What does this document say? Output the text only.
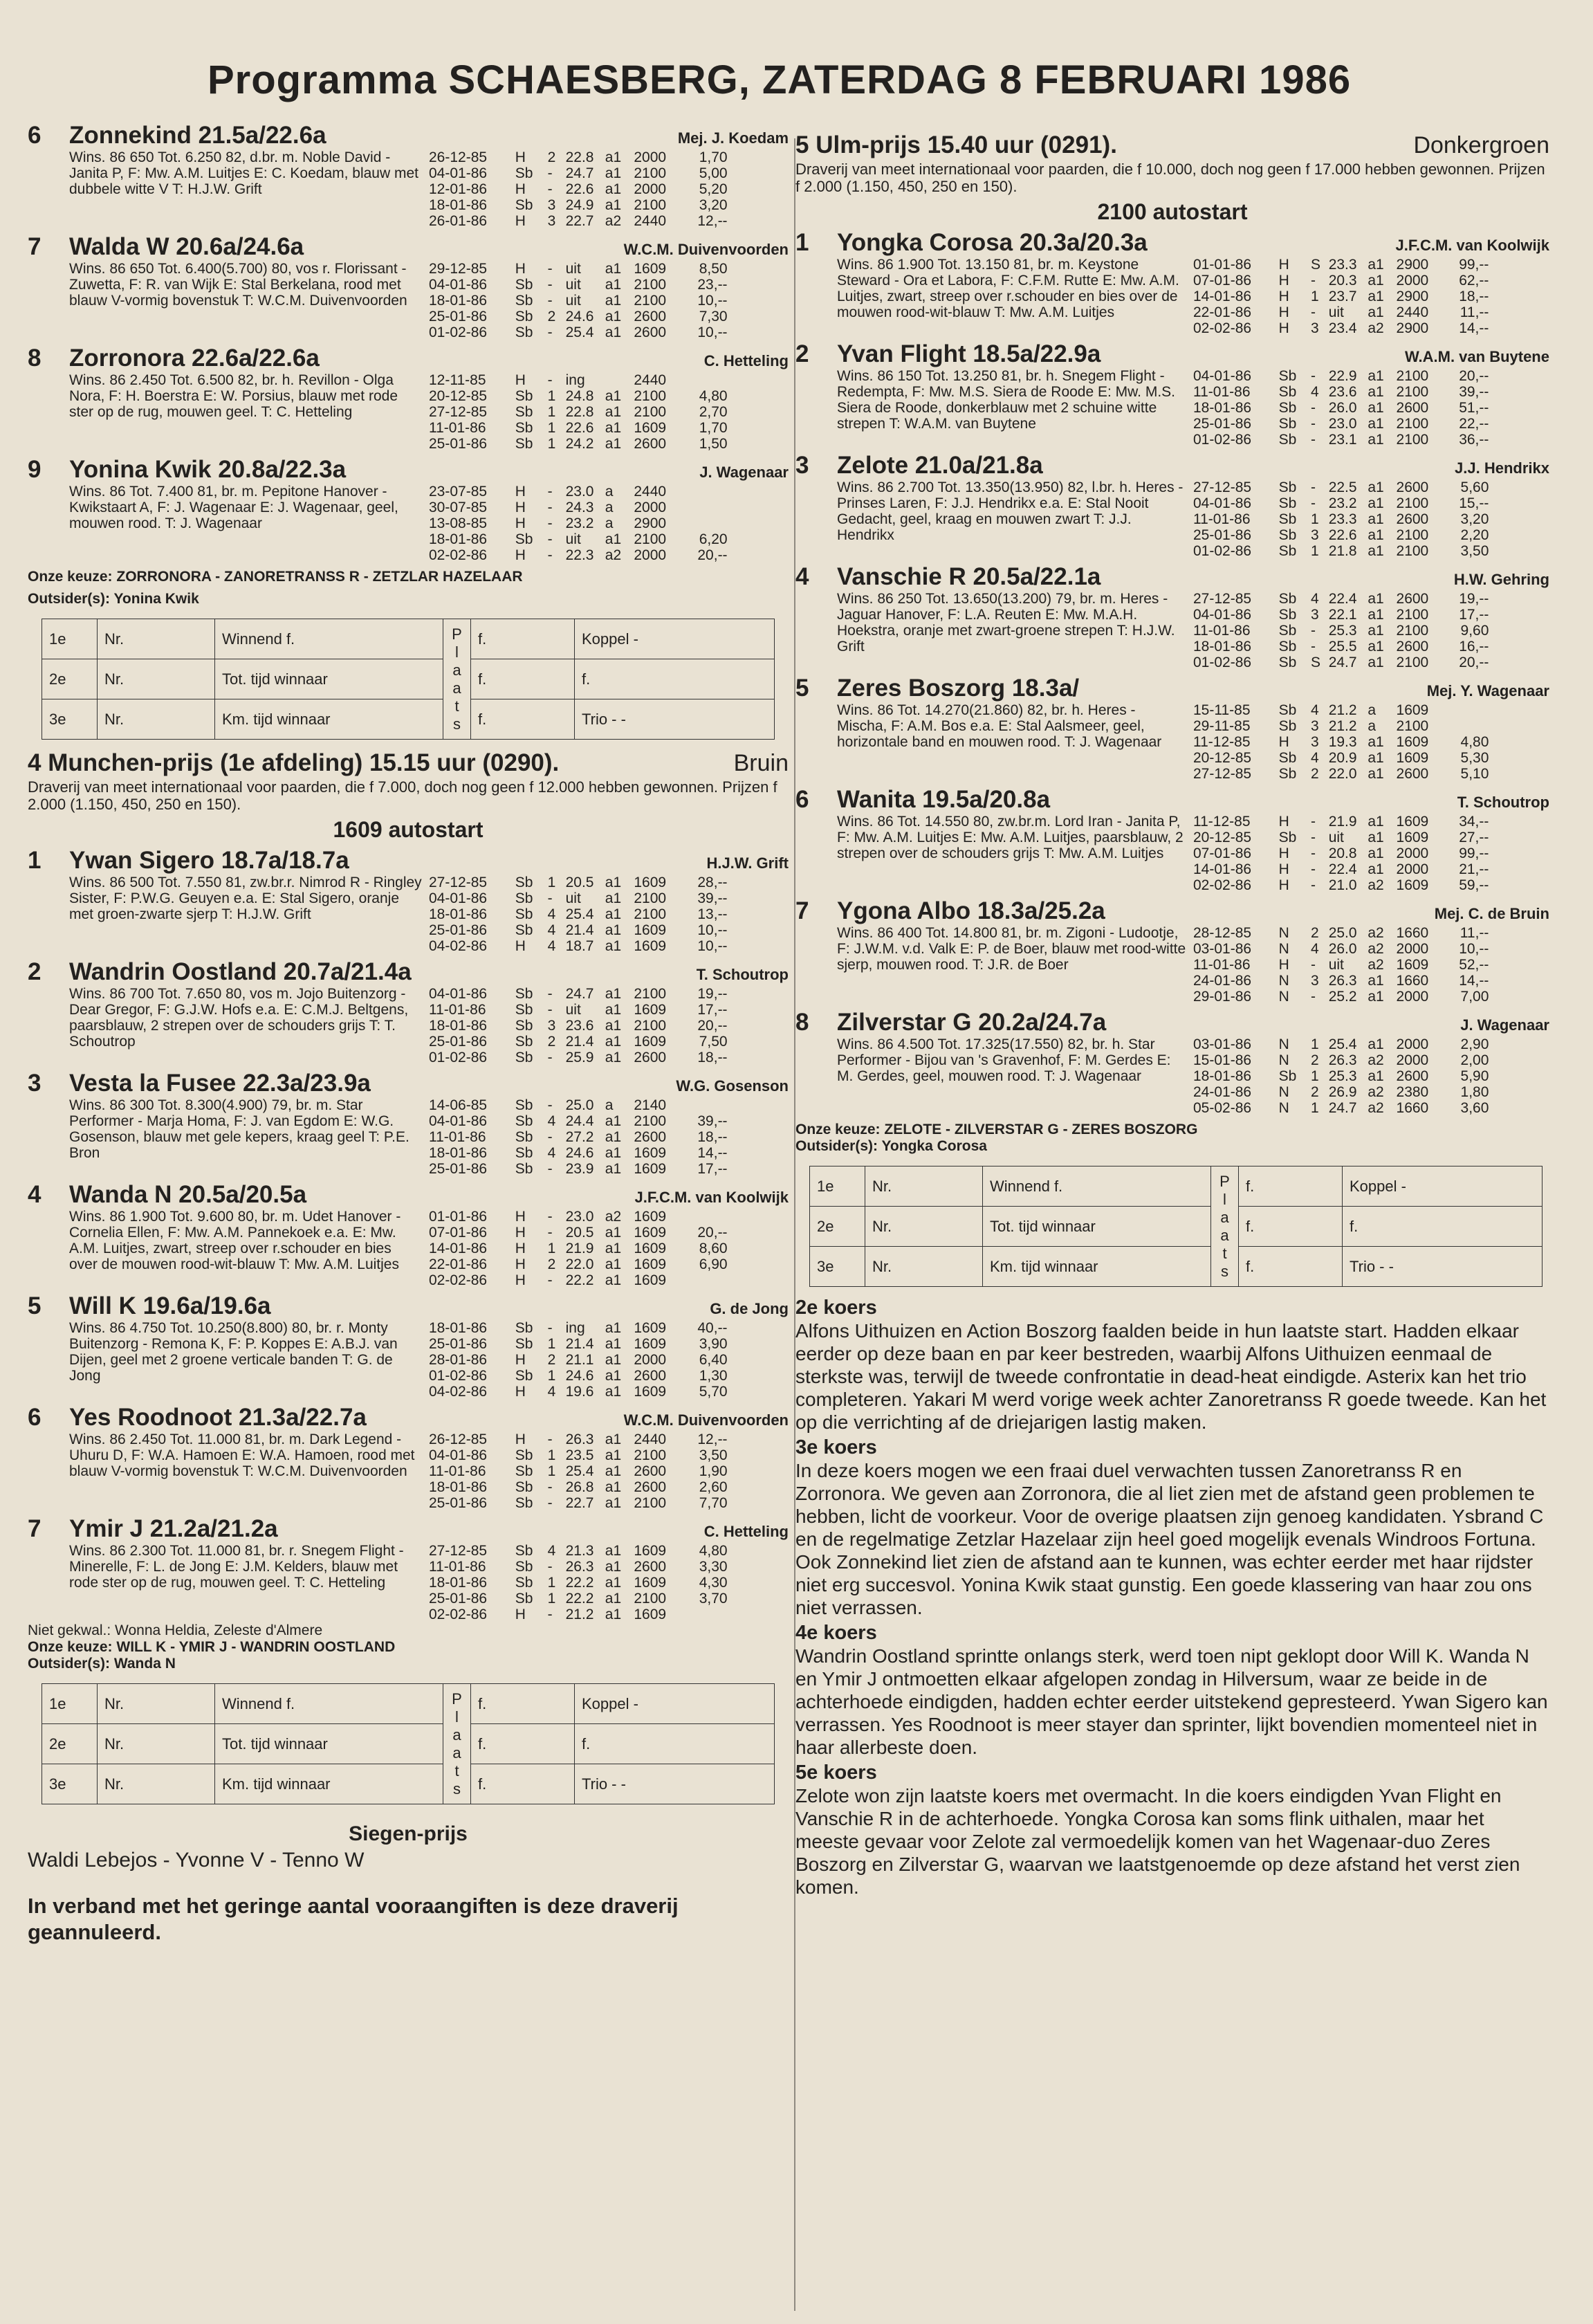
Programma SCHAESBERG, ZATERDAG 8 FEBRUARI 1986
6	Zonnekind 21.5a/22.6a	Mej. J. Koedam
Wins. 86 650 Tot. 6.250 82, d.br. m. Noble David - Janita P, F: Mw. A.M. Luitjes E: C. Koedam, blauw met dubbele witte V T: H.J.W. Grift
26-12-85	H	2 22.8 a1 2000	1,70
04-01-86	Sb	- 24.7 a1 2100	5,00
12-01-86	H	- 22.6 a1 2000	5,20
18-01-86	Sb	3 24.9 a1 2100	3,20
26-01-86	H	3 22.7 a2 2440	12,--
7	Walda W 20.6a/24.6a	W.C.M. Duivenvoorden
Wins. 86 650 Tot. 6.400(5.700) 80, vos r. Florissant - Zuwetta, F: R. van Wijk E: Stal Berkelana, rood met blauw V-vormig bovenstuk T: W.C.M. Duivenvoorden
29-12-85	H	- uit	a1 1609	8,50
04-01-86	Sb	- uit	a1 2100	23,--
18-01-86	Sb	- uit	a1 2100	10,--
25-01-86	Sb	2 24.6 a1 2600	7,30
01-02-86	Sb	- 25.4 a1 2600	10,--
8	Zorronora 22.6a/22.6a	C. Hetteling
Wins. 86 2.450 Tot. 6.500 82, br. h. Revillon - Olga Nora, F: H. Boerstra E: W. Porsius, blauw met rode ster op de rug, mouwen geel. T: C. Hetteling
12-11-85	H	- ing	2440
20-12-85	Sb	1 24.8 a1 2100	4,80
27-12-85	Sb	1 22.8 a1 2100	2,70
11-01-86	Sb	1 22.6 a1 1609	1,70
25-01-86	Sb	1 24.2 a1 2600	1,50
9	Yonina Kwik 20.8a/22.3a	J. Wagenaar
Wins. 86 Tot. 7.400 81, br. m. Pepitone Hanover - Kwikstaart A, F: J. Wagenaar E: J. Wagenaar, geel, mouwen rood. T: J. Wagenaar
23-07-85	H	- 23.0 a	2440
30-07-85	H	- 24.3 a	2000
13-08-85	H	- 23.2 a	2900
18-01-86	Sb	- uit	a1 2100	6,20
02-02-86	H	- 22.3 a2 2000	20,--
Onze keuze: ZORRONORA - ZANORETRANSS R - ZETZLAR HAZELAAR
Outsider(s): Yonina Kwik
1e	Nr.	Winnend f.	P l a a t s	f.	Koppel -
2e	Nr.	Tot. tijd winnaar		f.	f.
3e	Nr.	Km. tijd winnaar		f.	Trio - -
4 Munchen-prijs (1e afdeling) 15.15 uur (0290).	Bruin
Draverij van meet internationaal voor paarden, die f 7.000, doch nog geen f 12.000 hebben gewonnen. Prijzen f 2.000 (1.150, 450, 250 en 150).
1609 autostart
1	Ywan Sigero 18.7a/18.7a	H.J.W. Grift
Wins. 86 500 Tot. 7.550 81, zw.br.r. Nimrod R - Ringley Sister, F: P.W.G. Geuyen e.a. E: Stal Sigero, oranje met groen-zwarte sjerp T: H.J.W. Grift
27-12-85	Sb	1 20.5 a1 1609	28,--
04-01-86	Sb	- uit	a1 2100	39,--
18-01-86	Sb	4 25.4 a1 2100	13,--
25-01-86	Sb	4 21.4 a1 1609	10,--
04-02-86	H	4 18.7 a1 1609	10,--
2	Wandrin Oostland 20.7a/21.4a	T. Schoutrop
Wins. 86 700 Tot. 7.650 80, vos m. Jojo Buitenzorg - Dear Gregor, F: G.J.W. Hofs e.a. E: C.M.J. Beltgens, paarsblauw, 2 strepen over de schouders grijs T: T. Schoutrop
04-01-86	Sb	- 24.7 a1 2100	19,--
11-01-86	Sb	- uit	a1 1609	17,--
18-01-86	Sb	3 23.6 a1 2100	20,--
25-01-86	Sb	2 21.4 a1 1609	7,50
01-02-86	Sb	- 25.9 a1 2600	18,--
3	Vesta la Fusee 22.3a/23.9a	W.G. Gosenson
Wins. 86 300 Tot. 8.300(4.900) 79, br. m. Star Performer - Marja Homa, F: J. van Egdom E: W.G. Gosenson, blauw met gele kepers, kraag geel T: P.E. Bron
14-06-85	Sb	- 25.0 a	2140
04-01-86	Sb	4 24.4 a1 2100	39,--
11-01-86	Sb	- 27.2 a1 2600	18,--
18-01-86	Sb	4 24.6 a1 1609	14,--
25-01-86	Sb	- 23.9 a1 1609	17,--
4	Wanda N 20.5a/20.5a	J.F.C.M. van Koolwijk
Wins. 86 1.900 Tot. 9.600 80, br. m. Udet Hanover - Cornelia Ellen, F: Mw. A.M. Pannekoek e.a. E: Mw. A.M. Luitjes, zwart, streep over r.schouder en bies over de mouwen rood-wit-blauw T: Mw. A.M. Luitjes
01-01-86	H	- 23.0 a2 1609
07-01-86	H	- 20.5 a1 1609	20,--
14-01-86	H	1 21.9 a1 1609	8,60
22-01-86	H	2 22.0 a1 1609	6,90
02-02-86	H	- 22.2 a1 1609
5	Will K 19.6a/19.6a	G. de Jong
Wins. 86 4.750 Tot. 10.250(8.800) 80, br. r. Monty Buitenzorg - Remona K, F: P. Koppes E: A.B.J. van Dijen, geel met 2 groene verticale banden T: G. de Jong
18-01-86	Sb	- ing	a1 1609	40,--
25-01-86	Sb	1 21.4 a1 1609	3,90
28-01-86	H	2 21.1 a1 2000	6,40
01-02-86	Sb	1 24.6 a1 2600	1,30
04-02-86	H	4 19.6 a1 1609	5,70
6	Yes Roodnoot 21.3a/22.7a	W.C.M. Duivenvoorden
Wins. 86 2.450 Tot. 11.000 81, br. m. Dark Legend - Uhuru D, F: W.A. Hamoen E: W.A. Hamoen, rood met blauw V-vormig bovenstuk T: W.C.M. Duivenvoorden
26-12-85	H	- 26.3 a1 2440	12,--
04-01-86	Sb	1 23.5 a1 2100	3,50
11-01-86	Sb	1 25.4 a1 2600	1,90
18-01-86	Sb	- 26.8 a1 2600	2,60
25-01-86	Sb	- 22.7 a1 2100	7,70
7	Ymir J 21.2a/21.2a	C. Hetteling
Wins. 86 2.300 Tot. 11.000 81, br. r. Snegem Flight - Minerelle, F: L. de Jong E: J.M. Kelders, blauw met rode ster op de rug, mouwen geel. T: C. Hetteling
27-12-85	Sb	4 21.3 a1 1609	4,80
11-01-86	Sb	- 26.3 a1 2600	3,30
18-01-86	Sb	1 22.2 a1 1609	4,30
25-01-86	Sb	1 22.2 a1 2100	3,70
02-02-86	H	- 21.2 a1 1609
Niet gekwal.: Wonna Heldia, Zeleste d'Almere
Onze keuze: WILL K - YMIR J - WANDRIN OOSTLAND
Outsider(s): Wanda N
1e	Nr.	Winnend f.	P l a a t s	f.	Koppel -
2e	Nr.	Tot. tijd winnaar		f.	f.
3e	Nr.	Km. tijd winnaar		f.	Trio - -
Siegen-prijs
Waldi Lebejos - Yvonne V - Tenno W
In verband met het geringe aantal vooraangiften is deze draverij geannuleerd.
5 Ulm-prijs 15.40 uur (0291).	Donkergroen
Draverij van meet internationaal voor paarden, die f 10.000, doch nog geen f 17.000 hebben gewonnen. Prijzen f 2.000 (1.150, 450, 250 en 150).
2100 autostart
1	Yongka Corosa 20.3a/20.3a	J.F.C.M. van Koolwijk
Wins. 86 1.900 Tot. 13.150 81, br. m. Keystone Steward - Ora et Labora, F: C.F.M. Rutte E: Mw. A.M. Luitjes, zwart, streep over r.schouder en bies over de mouwen rood-wit-blauw T: Mw. A.M. Luitjes
01-01-86	H	S 23.3 a1 2900	99,--
07-01-86	H	- 20.3 a1 2000	62,--
14-01-86	H	1 23.7 a1 2900	18,--
22-01-86	H	- uit	a1 2440	11,--
02-02-86	H	3 23.4 a2 2900	14,--
2	Yvan Flight 18.5a/22.9a	W.A.M. van Buytene
Wins. 86 150 Tot. 13.250 81, br. h. Snegem Flight - Redempta, F: Mw. M.S. Siera de Roode E: Mw. M.S. Siera de Roode, donkerblauw met 2 schuine witte strepen T: W.A.M. van Buytene
04-01-86	Sb - 22.9 a1 2100	20,--
11-01-86	Sb 4 23.6 a1 2100	39,--
18-01-86	Sb - 26.0 a1 2600	51,--
25-01-86	Sb - 23.0 a1 2100	22,--
01-02-86	Sb - 23.1 a1 2100	36,--
3	Zelote 21.0a/21.8a	J.J. Hendrikx
Wins. 86 2.700 Tot. 13.350(13.950) 82, l.br. h. Heres - Prinses Laren, F: J.J. Hendrikx e.a. E: Stal Nooit Gedacht, geel, kraag en mouwen zwart T: J.J. Hendrikx
27-12-85	Sb - 22.5 a1 2600	5,60
04-01-86	Sb - 23.2 a1 2100	15,--
11-01-86	Sb 1 23.3 a1 2600	3,20
25-01-86	Sb 3 22.6 a1 2100	2,20
01-02-86	Sb 1 21.8 a1 2100	3,50
4	Vanschie R 20.5a/22.1a	H.W. Gehring
Wins. 86 250 Tot. 13.650(13.200) 79, br. m. Heres - Jaguar Hanover, F: L.A. Reuten E: Mw. M.A.H. Hoekstra, oranje met zwart-groene strepen T: H.J.W. Grift
27-12-85	Sb 4 22.4 a1 2600	19,--
04-01-86	Sb 3 22.1 a1 2100	17,--
11-01-86	Sb - 25.3 a1 2100	9,60
18-01-86	Sb - 25.5 a1 2600	16,--
01-02-86	Sb S 24.7 a1 2100	20,--
5	Zeres Boszorg 18.3a/	Mej. Y. Wagenaar
Wins. 86 Tot. 14.270(21.860) 82, br. h. Heres - Mischa, F: A.M. Bos e.a. E: Stal Aalsmeer, geel, horizontale band en mouwen rood. T: J. Wagenaar
15-11-85	Sb 4 21.2 a	1609
29-11-85	Sb 3 21.2 a	2100
11-12-85	H	3 19.3 a1 1609	4,80
20-12-85	Sb 4 20.9 a1 1609	5,30
27-12-85	Sb 2 22.0 a1 2600	5,10
6	Wanita 19.5a/20.8a	T. Schoutrop
Wins. 86 Tot. 14.550 80, zw.br.m. Lord Iran - Janita P, F: Mw. A.M. Luitjes E: Mw. A.M. Luitjes, paarsblauw, 2 strepen over de schouders grijs T: Mw. A.M. Luitjes
11-12-85	H	- 21.9 a1 1609	34,--
20-12-85	Sb - uit	a1 1609	27,--
07-01-86	H	- 20.8 a1 2000	99,--
14-01-86	H	- 22.4 a1 2000	21,--
02-02-86	H	- 21.0 a2 1609	59,--
7	Ygona Albo 18.3a/25.2a	Mej. C. de Bruin
Wins. 86 400 Tot. 14.800 81, br. m. Zigoni - Ludootje, F: J.W.M. v.d. Valk E: P. de Boer, blauw met rood-witte sjerp, mouwen rood. T: J.R. de Boer
28-12-85	N	2 25.0 a2 1660	11,--
03-01-86	N	4 26.0 a2 2000	10,--
11-01-86	H	- uit	a2 1609	52,--
24-01-86	N	3 26.3 a1 1660	14,--
29-01-86	N	- 25.2 a1 2000	7,00
8	Zilverstar G 20.2a/24.7a	J. Wagenaar
Wins. 86 4.500 Tot. 17.325(17.550) 82, br. h. Star Performer - Bijou van 's Gravenhof, F: M. Gerdes E: M. Gerdes, geel, mouwen rood. T: J. Wagenaar
03-01-86	N	1 25.4 a1 2000	2,90
15-01-86	N	2 26.3 a2 2000	2,00
18-01-86	Sb 1 25.3 a1 2600	5,90
24-01-86	N	2 26.9 a2 2380	1,80
05-02-86	N	1 24.7 a2 1660	3,60
Onze keuze: ZELOTE - ZILVERSTAR G - ZERES BOSZORG
Outsider(s): Yongka Corosa
1e	Nr.	Winnend f.	P l a a t s	f.	Koppel -
2e	Nr.	Tot. tijd winnaar		f.	f.
3e	Nr.	Km. tijd winnaar		f.	Trio - -
2e koers
Alfons Uithuizen en Action Boszorg faalden beide in hun laatste start. Hadden elkaar eerder op deze baan en par keer bestreden, waarbij Alfons Uithuizen eenmaal de sterkste was, terwijl de tweede confrontatie in dead-heat eindigde. Asterix kan het trio completeren. Yakari M werd vorige week achter Zanoretranss R goede tweede. Kan het op die verrichting af de driejarigen lastig maken.
3e koers
In deze koers mogen we een fraai duel verwachten tussen Zanoretranss R en Zorronora. We geven aan Zorronora, die al liet zien met de afstand geen problemen te hebben, licht de voorkeur. Voor de overige plaatsen zijn genoeg kandidaten. Ysbrand C en de regelmatige Zetzlar Hazelaar zijn heel goed mogelijk evenals Windroos Fortuna. Ook Zonnekind liet zien de afstand aan te kunnen, was echter eerder met haar rijdster niet erg succesvol. Yonina Kwik staat gunstig. Een goede klassering van haar zou ons niet verrassen.
4e koers
Wandrin Oostland sprintte onlangs sterk, werd toen nipt geklopt door Will K. Wanda N en Ymir J ontmoetten elkaar afgelopen zondag in Hilversum, waar ze beide in de achterhoede eindigden, hadden echter eerder uitstekend gepresteerd. Ywan Sigero kan verrassen. Yes Roodnoot is meer stayer dan sprinter, lijkt bovendien momenteel niet in haar allerbeste doen.
5e koers
Zelote won zijn laatste koers met overmacht. In die koers eindigden Yvan Flight en Vanschie R in de achterhoede. Yongka Corosa kan soms flink uithalen, maar het meeste gevaar voor Zelote zal vermoedelijk komen van het Wagenaar-duo Zeres Boszorg en Zilverstar G, waarvan we laatstgenoemde op deze afstand het verst zien komen.
